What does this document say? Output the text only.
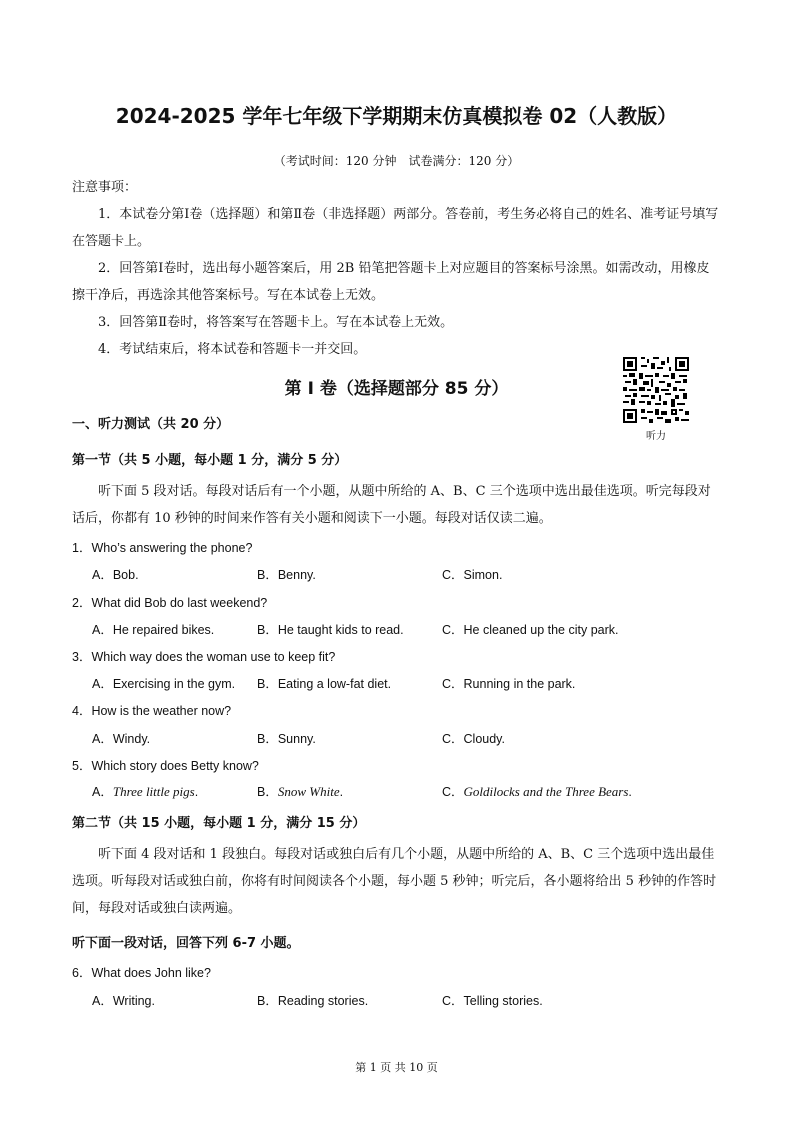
2024-2025 学年七年级下学期期末仿真模拟卷 02（人教版）
（考试时间：120 分钟　试卷满分：120 分）
注意事项：
1．本试卷分第Ⅰ卷（选择题）和第Ⅱ卷（非选择题）两部分。答卷前，考生务必将自己的姓名、准考证号填写在答题卡上。
2．回答第Ⅰ卷时，选出每小题答案后，用 2B 铅笔把答题卡上对应题目的答案标号涂黑。如需改动，用橡皮擦干净后，再选涂其他答案标号。写在本试卷上无效。
3．回答第Ⅱ卷时，将答案写在答题卡上。写在本试卷上无效。
4．考试结束后，将本试卷和答题卡一并交回。
第 I 卷（选择题部分 85 分）
听力
一、听力测试（共 20 分）
第一节（共 5 小题，每小题 1 分，满分 5 分）
听下面 5 段对话。每段对话后有一个小题，从题中所给的 A、B、C 三个选项中选出最佳选项。听完每段对话后，你都有 10 秒钟的时间来作答有关小题和阅读下一小题。每段对话仅读二遍。
1．Who’s answering the phone?
A．Bob.	B．Benny.	C．Simon.
2．What did Bob do last weekend?
A．He repaired bikes.	B．He taught kids to read.	C．He cleaned up the city park.
3．Which way does the woman use to keep fit?
A．Exercising in the gym. B．Eating a low-fat diet.	C．Running in the park.
4．How is the weather now?
A．Windy.	B．Sunny.	C．Cloudy.
5．Which story does Betty know?
A．Three little pigs.	B．Snow White.	C．Goldilocks and the Three Bears.
第二节（共 15 小题，每小题 1 分，满分 15 分）
听下面 4 段对话和 1 段独白。每段对话或独白后有几个小题，从题中所给的 A、B、C 三个选项中选出最佳选项。听每段对话或独白前，你将有时间阅读各个小题，每小题 5 秒钟；听完后，各小题将给出 5 秒钟的作答时间，每段对话或独白读两遍。
听下面一段对话，回答下列 6-7 小题。
6．What does John like?
A．Writing.	B．Reading stories.	C．Telling stories.
第 1 页 共 10 页
